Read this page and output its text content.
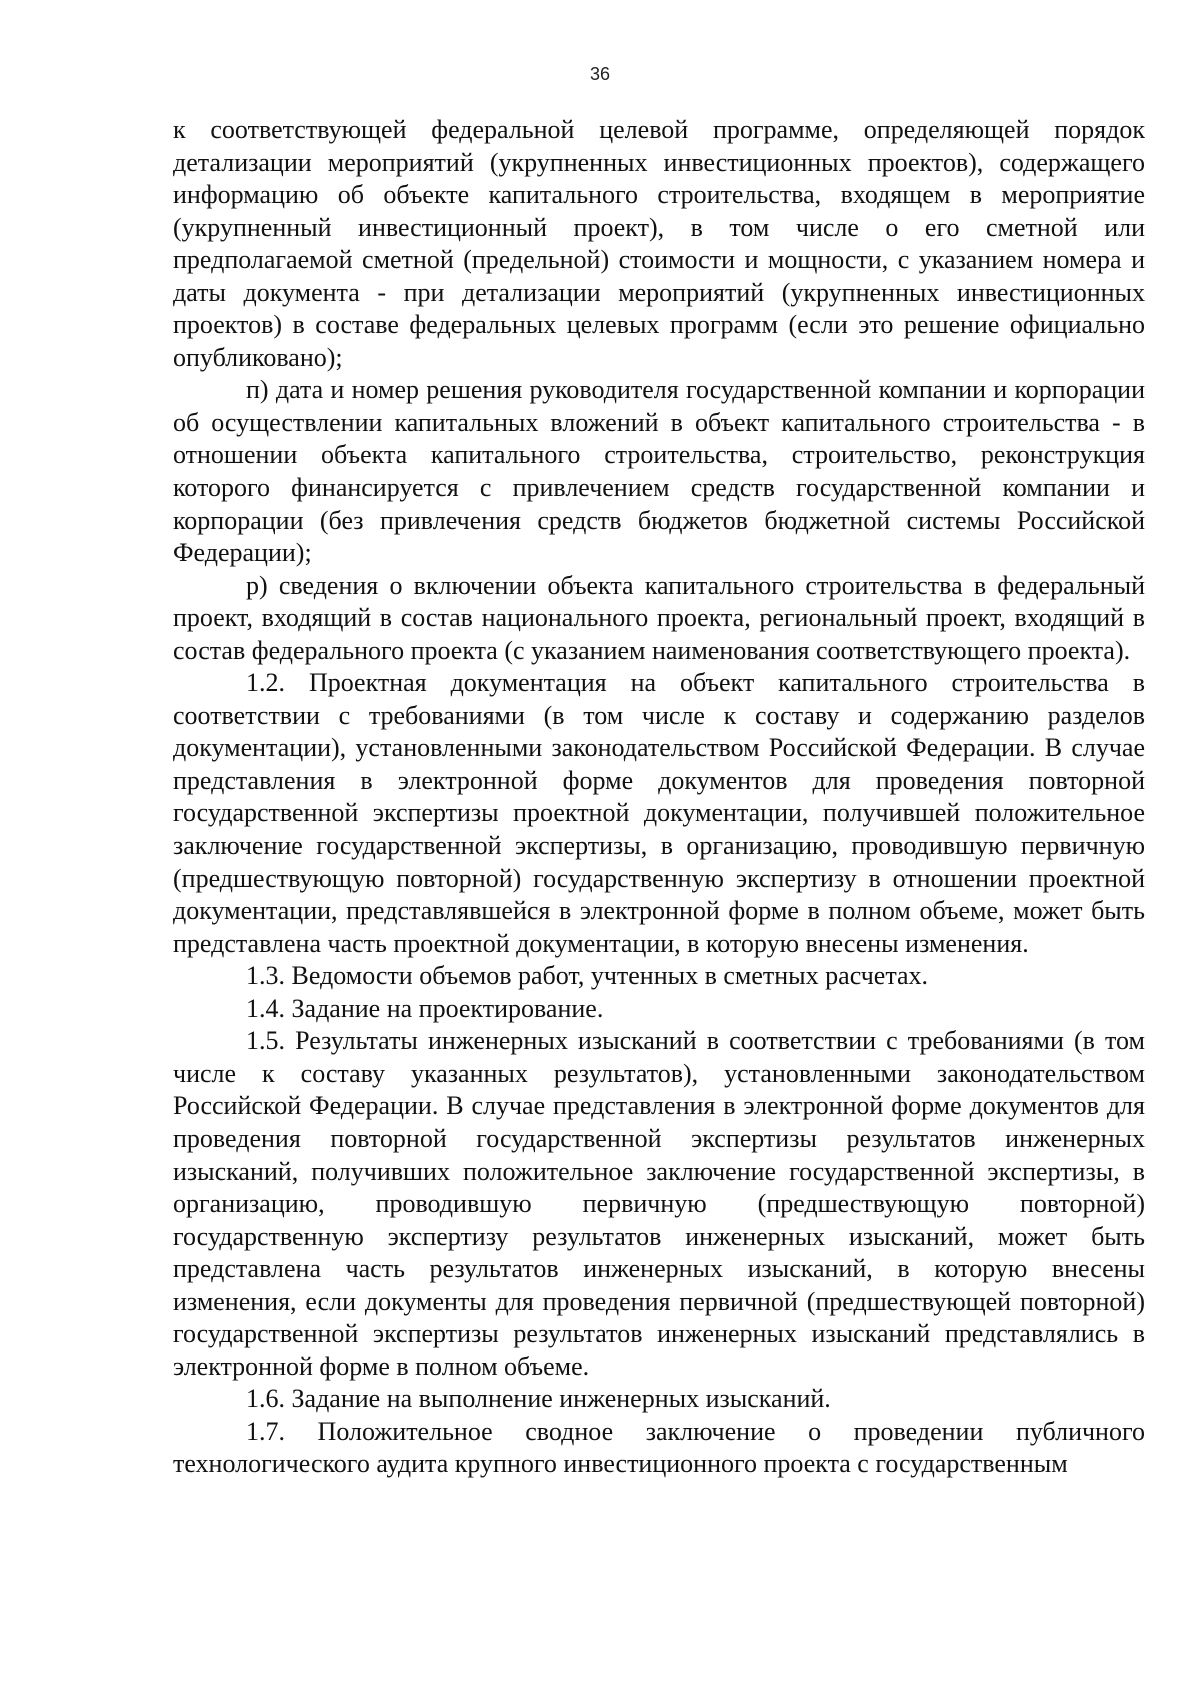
36

к соответствующей федеральной целевой программе, определяющей порядок детализации мероприятий (укрупненных инвестиционных проектов), содержащего информацию об объекте капитального строительства, входящем в мероприятие (укрупненный инвестиционный проект), в том числе о его сметной или предполагаемой сметной (предельной) стоимости и мощности, с указанием номера и даты документа - при детализации мероприятий (укрупненных инвестиционных проектов) в составе федеральных целевых программ (если это решение официально опубликовано);

п) дата и номер решения руководителя государственной компании и корпорации об осуществлении капитальных вложений в объект капитального строительства - в отношении объекта капитального строительства, строительство, реконструкция которого финансируется с привлечением средств государственной компании и корпорации (без привлечения средств бюджетов бюджетной системы Российской Федерации);

р) сведения о включении объекта капитального строительства в федеральный проект, входящий в состав национального проекта, региональный проект, входящий в состав федерального проекта (с указанием наименования соответствующего проекта).

1.2. Проектная документация на объект капитального строительства в соответствии с требованиями (в том числе к составу и содержанию разделов документации), установленными законодательством Российской Федерации. В случае представления в электронной форме документов для проведения повторной государственной экспертизы проектной документации, получившей положительное заключение государственной экспертизы, в организацию, проводившую первичную (предшествующую повторной) государственную экспертизу в отношении проектной документации, представлявшейся в электронной форме в полном объеме, может быть представлена часть проектной документации, в которую внесены изменения.

1.3. Ведомости объемов работ, учтенных в сметных расчетах.

1.4. Задание на проектирование.

1.5. Результаты инженерных изысканий в соответствии с требованиями (в том числе к составу указанных результатов), установленными законодательством Российской Федерации. В случае представления в электронной форме документов для проведения повторной государственной экспертизы результатов инженерных изысканий, получивших положительное заключение государственной экспертизы, в организацию, проводившую первичную (предшествующую повторной) государственную экспертизу результатов инженерных изысканий, может быть представлена часть результатов инженерных изысканий, в которую внесены изменения, если документы для проведения первичной (предшествующей повторной) государственной экспертизы результатов инженерных изысканий представлялись в электронной форме в полном объеме.

1.6. Задание на выполнение инженерных изысканий.

1.7. Положительное сводное заключение о проведении публичного технологического аудита крупного инвестиционного проекта с государственным
